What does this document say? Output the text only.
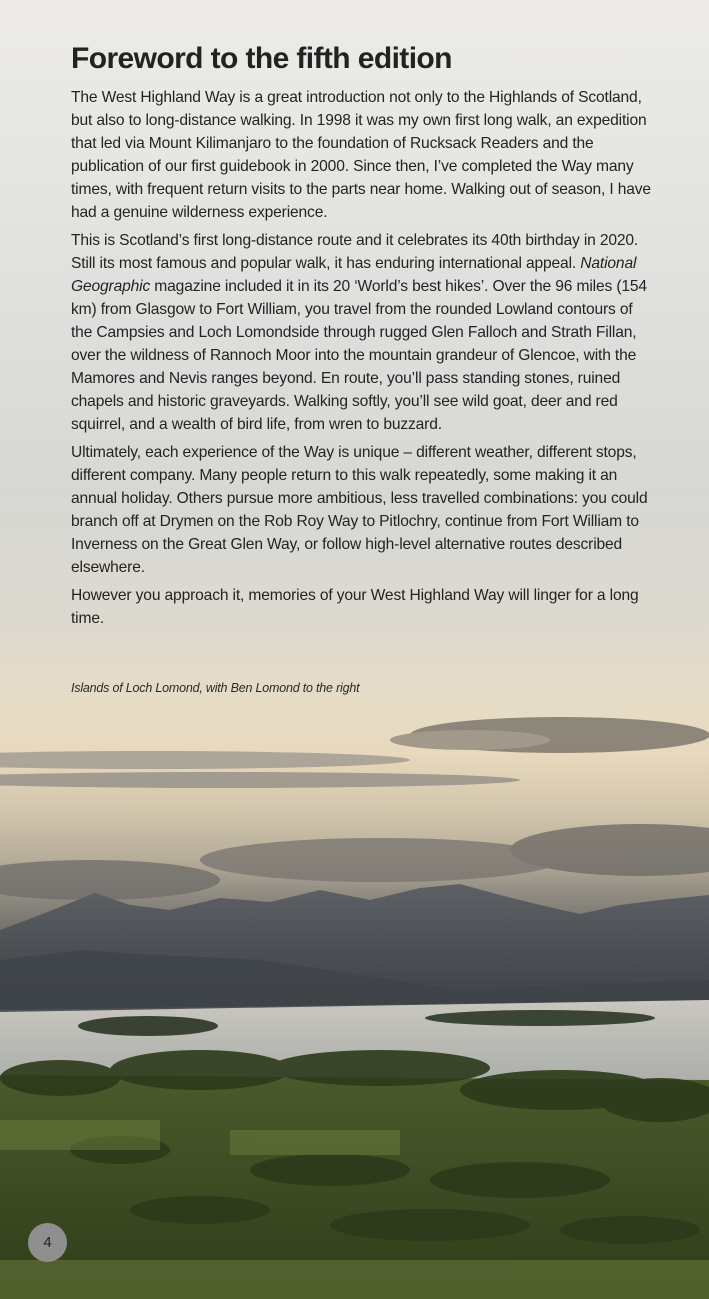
Foreword to the fifth edition

The West Highland Way is a great introduction not only to the Highlands of Scotland, but also to long-distance walking. In 1998 it was my own first long walk, an expedition that led via Mount Kilimanjaro to the foundation of Rucksack Readers and the publication of our first guidebook in 2000. Since then, I’ve completed the Way many times, with frequent return visits to the parts near home. Walking out of season, I have had a genuine wilderness experience.

This is Scotland’s first long-distance route and it celebrates its 40th birthday in 2020. Still its most famous and popular walk, it has enduring international appeal. National Geographic magazine included it in its 20 ‘World’s best hikes’. Over the 96 miles (154 km) from Glasgow to Fort William, you travel from the rounded Lowland contours of the Campsies and Loch Lomondside through rugged Glen Falloch and Strath Fillan, over the wildness of Rannoch Moor into the mountain grandeur of Glencoe, with the Mamores and Nevis ranges beyond. En route, you’ll pass standing stones, ruined chapels and historic graveyards. Walking softly, you’ll see wild goat, deer and red squirrel, and a wealth of bird life, from wren to buzzard.

Ultimately, each experience of the Way is unique – different weather, different stops, different company. Many people return to this walk repeatedly, some making it an annual holiday. Others pursue more ambitious, less travelled combinations: you could branch off at Drymen on the Rob Roy Way to Pitlochry, continue from Fort William to Inverness on the Great Glen Way, or follow high-level alternative routes described elsewhere.

However you approach it, memories of your West Highland Way will linger for a long time.

Islands of Loch Lomond, with Ben Lomond to the right
4
